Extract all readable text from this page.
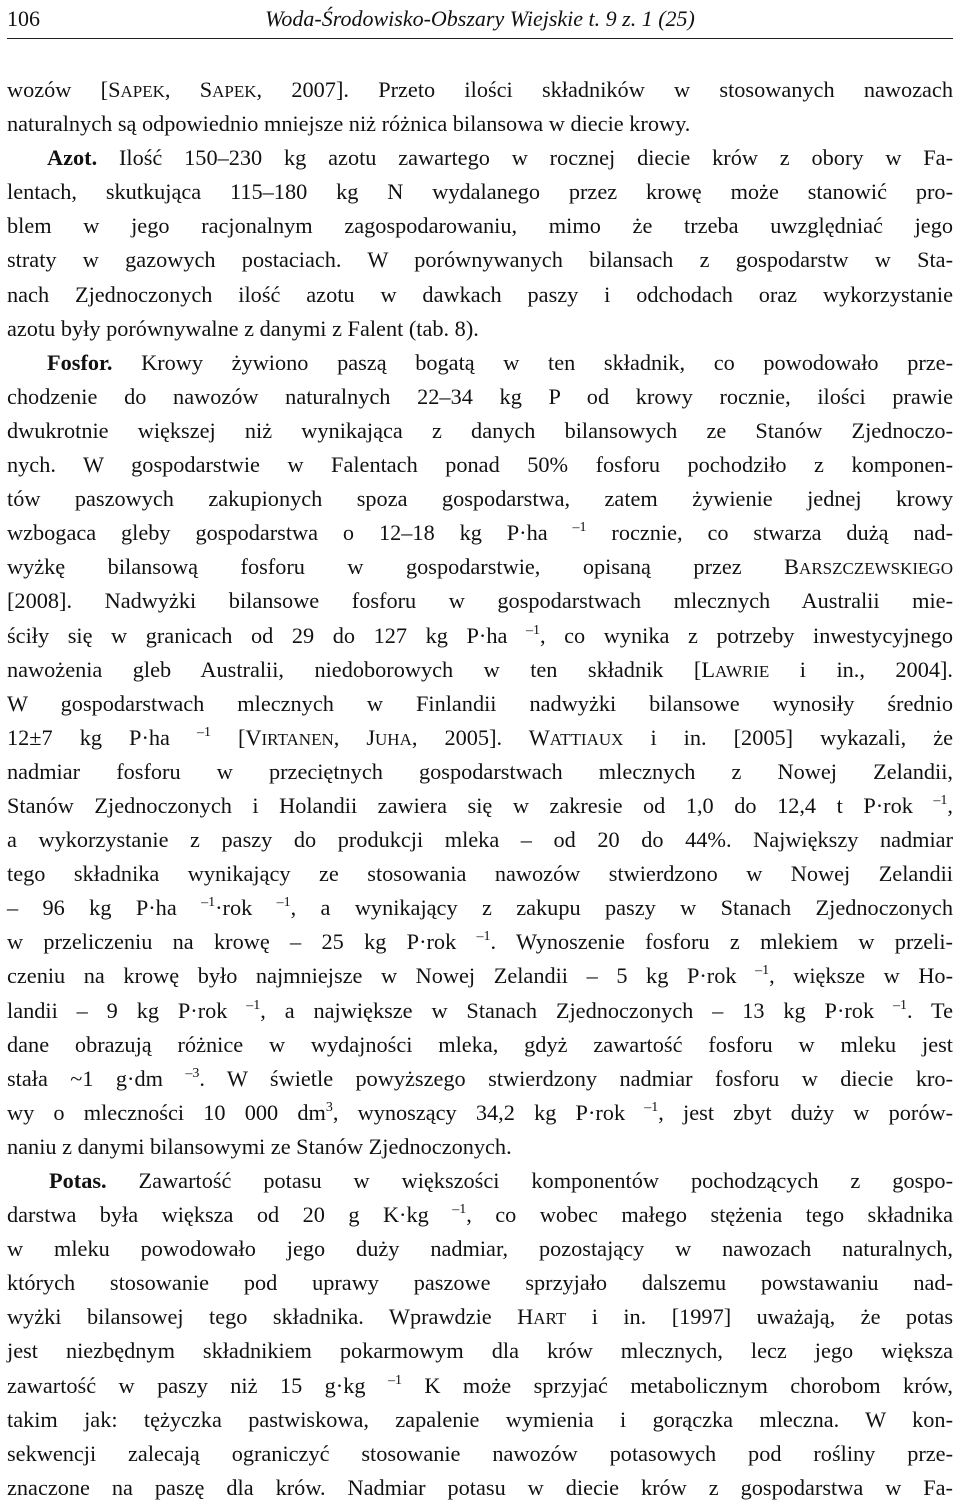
106	Woda-Środowisko-Obszary Wiejskie t. 9 z. 1 (25)
wozów [SAPEK, SAPEK, 2007]. Przeto ilości składników w stosowanych nawozach
naturalnych są odpowiednio mniejsze niż różnica bilansowa w diecie krowy.
Azot. Ilość 150–230 kg azotu zawartego w rocznej diecie krów z obory w Fa-
lentach, skutkująca 115–180 kg N wydalanego przez krowę może stanowić pro-
blem w jego racjonalnym zagospodarowaniu, mimo że trzeba uwzględniać jego
straty w gazowych postaciach. W porównywanych bilansach z gospodarstw w Sta-
nach Zjednoczonych ilość azotu w dawkach paszy i odchodach oraz wykorzystanie
azotu były porównywalne z danymi z Falent (tab. 8).
Fosfor. Krowy żywiono paszą bogatą w ten składnik, co powodowało prze-
chodzenie do nawozów naturalnych 22–34 kg P od krowy rocznie, ilości prawie
dwukrotnie większej niż wynikająca z danych bilansowych ze Stanów Zjednoczo-
nych. W gospodarstwie w Falentach ponad 50% fosforu pochodziło z komponen-
tów paszowych zakupionych spoza gospodarstwa, zatem żywienie jednej krowy
wzbogaca gleby gospodarstwa o 12–18 kg P·ha $^{-1}$ rocznie, co stwarza dużą nad-
wyżkę bilansową fosforu w gospodarstwie, opisaną przez BARSZCZEWSKIEGO
[2008]. Nadwyżki bilansowe fosforu w gospodarstwach mlecznych Australii mie-
ściły się w granicach od 29 do 127 kg P·ha $^{-1}$, co wynika z potrzeby inwestycyjnego
nawożenia gleb Australii, niedoborowych w ten składnik [LAWRIE i in., 2004].
W gospodarstwach mlecznych w Finlandii nadwyżki bilansowe wynosiły średnio
12±7 kg P·ha $^{-1}$ [VIRTANEN, JUHA, 2005]. WATTIAUX i in. [2005] wykazali, że
nadmiar fosforu w przeciętnych gospodarstwach mlecznych z Nowej Zelandii,
Stanów Zjednoczonych i Holandii zawiera się w zakresie od 1,0 do 12,4 t P·rok $^{-1}$,
a wykorzystanie z paszy do produkcji mleka – od 20 do 44%. Największy nadmiar
tego składnika wynikający ze stosowania nawozów stwierdzono w Nowej Zelandii
– 96 kg P·ha $^{-1}$·rok $^{-1}$, a wynikający z zakupu paszy w Stanach Zjednoczonych
w przeliczeniu na krowę – 25 kg P·rok $^{-1}$. Wynoszenie fosforu z mlekiem w przeli-
czeniu na krowę było najmniejsze w Nowej Zelandii – 5 kg P·rok $^{-1}$, większe w Ho-
landii – 9 kg P·rok $^{-1}$, a największe w Stanach Zjednoczonych – 13 kg P·rok $^{-1}$. Te
dane obrazują różnice w wydajności mleka, gdyż zawartość fosforu w mleku jest
stała ~1 g·dm $^{-3}$. W świetle powyższego stwierdzony nadmiar fosforu w diecie kro-
wy o mleczności 10 000 $dm^3$, wynoszący 34,2 kg P·rok $^{-1}$, jest zbyt duży w porów-
naniu z danymi bilansowymi ze Stanów Zjednoczonych.
Potas. Zawartość potasu w większości komponentów pochodzących z gospo-
darstwa była większa od 20 g K·kg $^{-1}$, co wobec małego stężenia tego składnika
w mleku powodowało jego duży nadmiar, pozostający w nawozach naturalnych,
których stosowanie pod uprawy paszowe sprzyjało dalszemu powstawaniu nad-
wyżki bilansowej tego składnika. Wprawdzie HART i in. [1997] uważają, że potas
jest niezbędnym składnikiem pokarmowym dla krów mlecznych, lecz jego większa
zawartość w paszy niż 15 g·kg $^{-1}$ K może sprzyjać metabolicznym chorobom krów,
takim jak: tężyczka pastwiskowa, zapalenie wymienia i gorączka mleczna. W kon-
sekwencji zalecają ograniczyć stosowanie nawozów potasowych pod rośliny prze-
znaczone na paszę dla krów. Nadmiar potasu w diecie krów z gospodarstwa w Fa-
